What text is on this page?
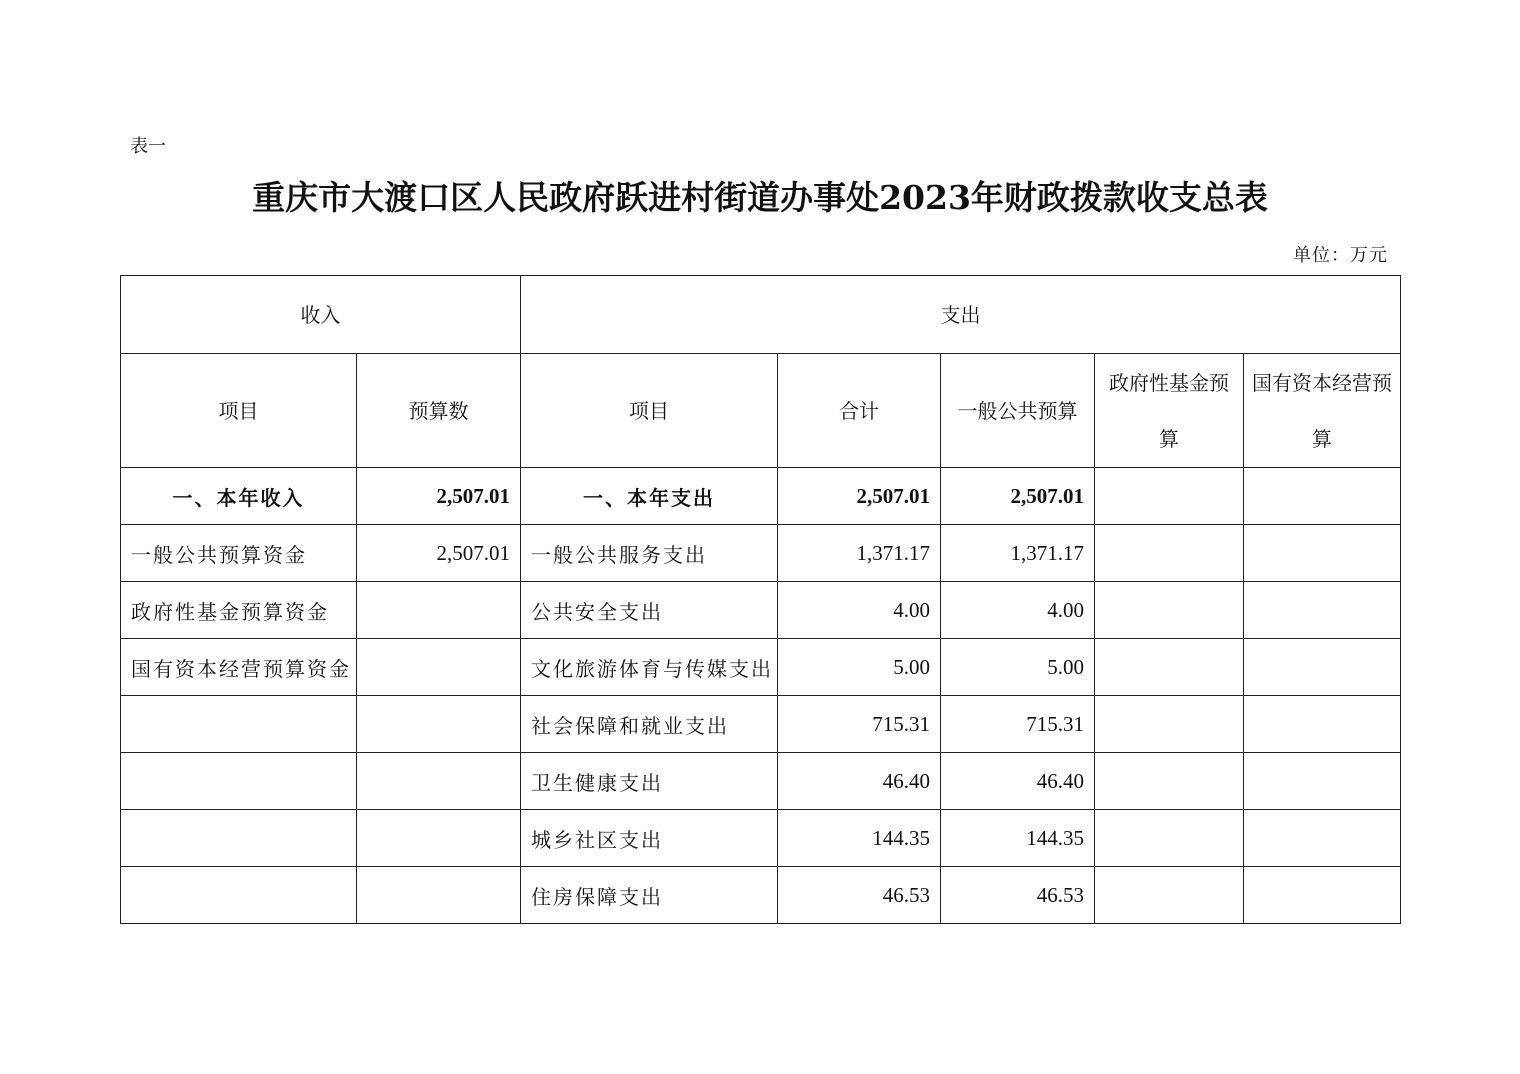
表一
重庆市大渡口区人民政府跃进村街道办事处2023年财政拨款收支总表
单位：万元
收入		支出				
项目	预算数	项目	合计	一般公共预算	政府性基金预算	国有资本经营预算
一、本年收入	2,507.01	一、本年支出	2,507.01	2,507.01		
一般公共预算资金	2,507.01	一般公共服务支出	1,371.17	1,371.17		
政府性基金预算资金		公共安全支出	4.00	4.00		
国有资本经营预算资金		文化旅游体育与传媒支出	5.00	5.00		
		社会保障和就业支出	715.31	715.31		
		卫生健康支出	46.40	46.40		
		城乡社区支出	144.35	144.35		
		住房保障支出	46.53	46.53		
